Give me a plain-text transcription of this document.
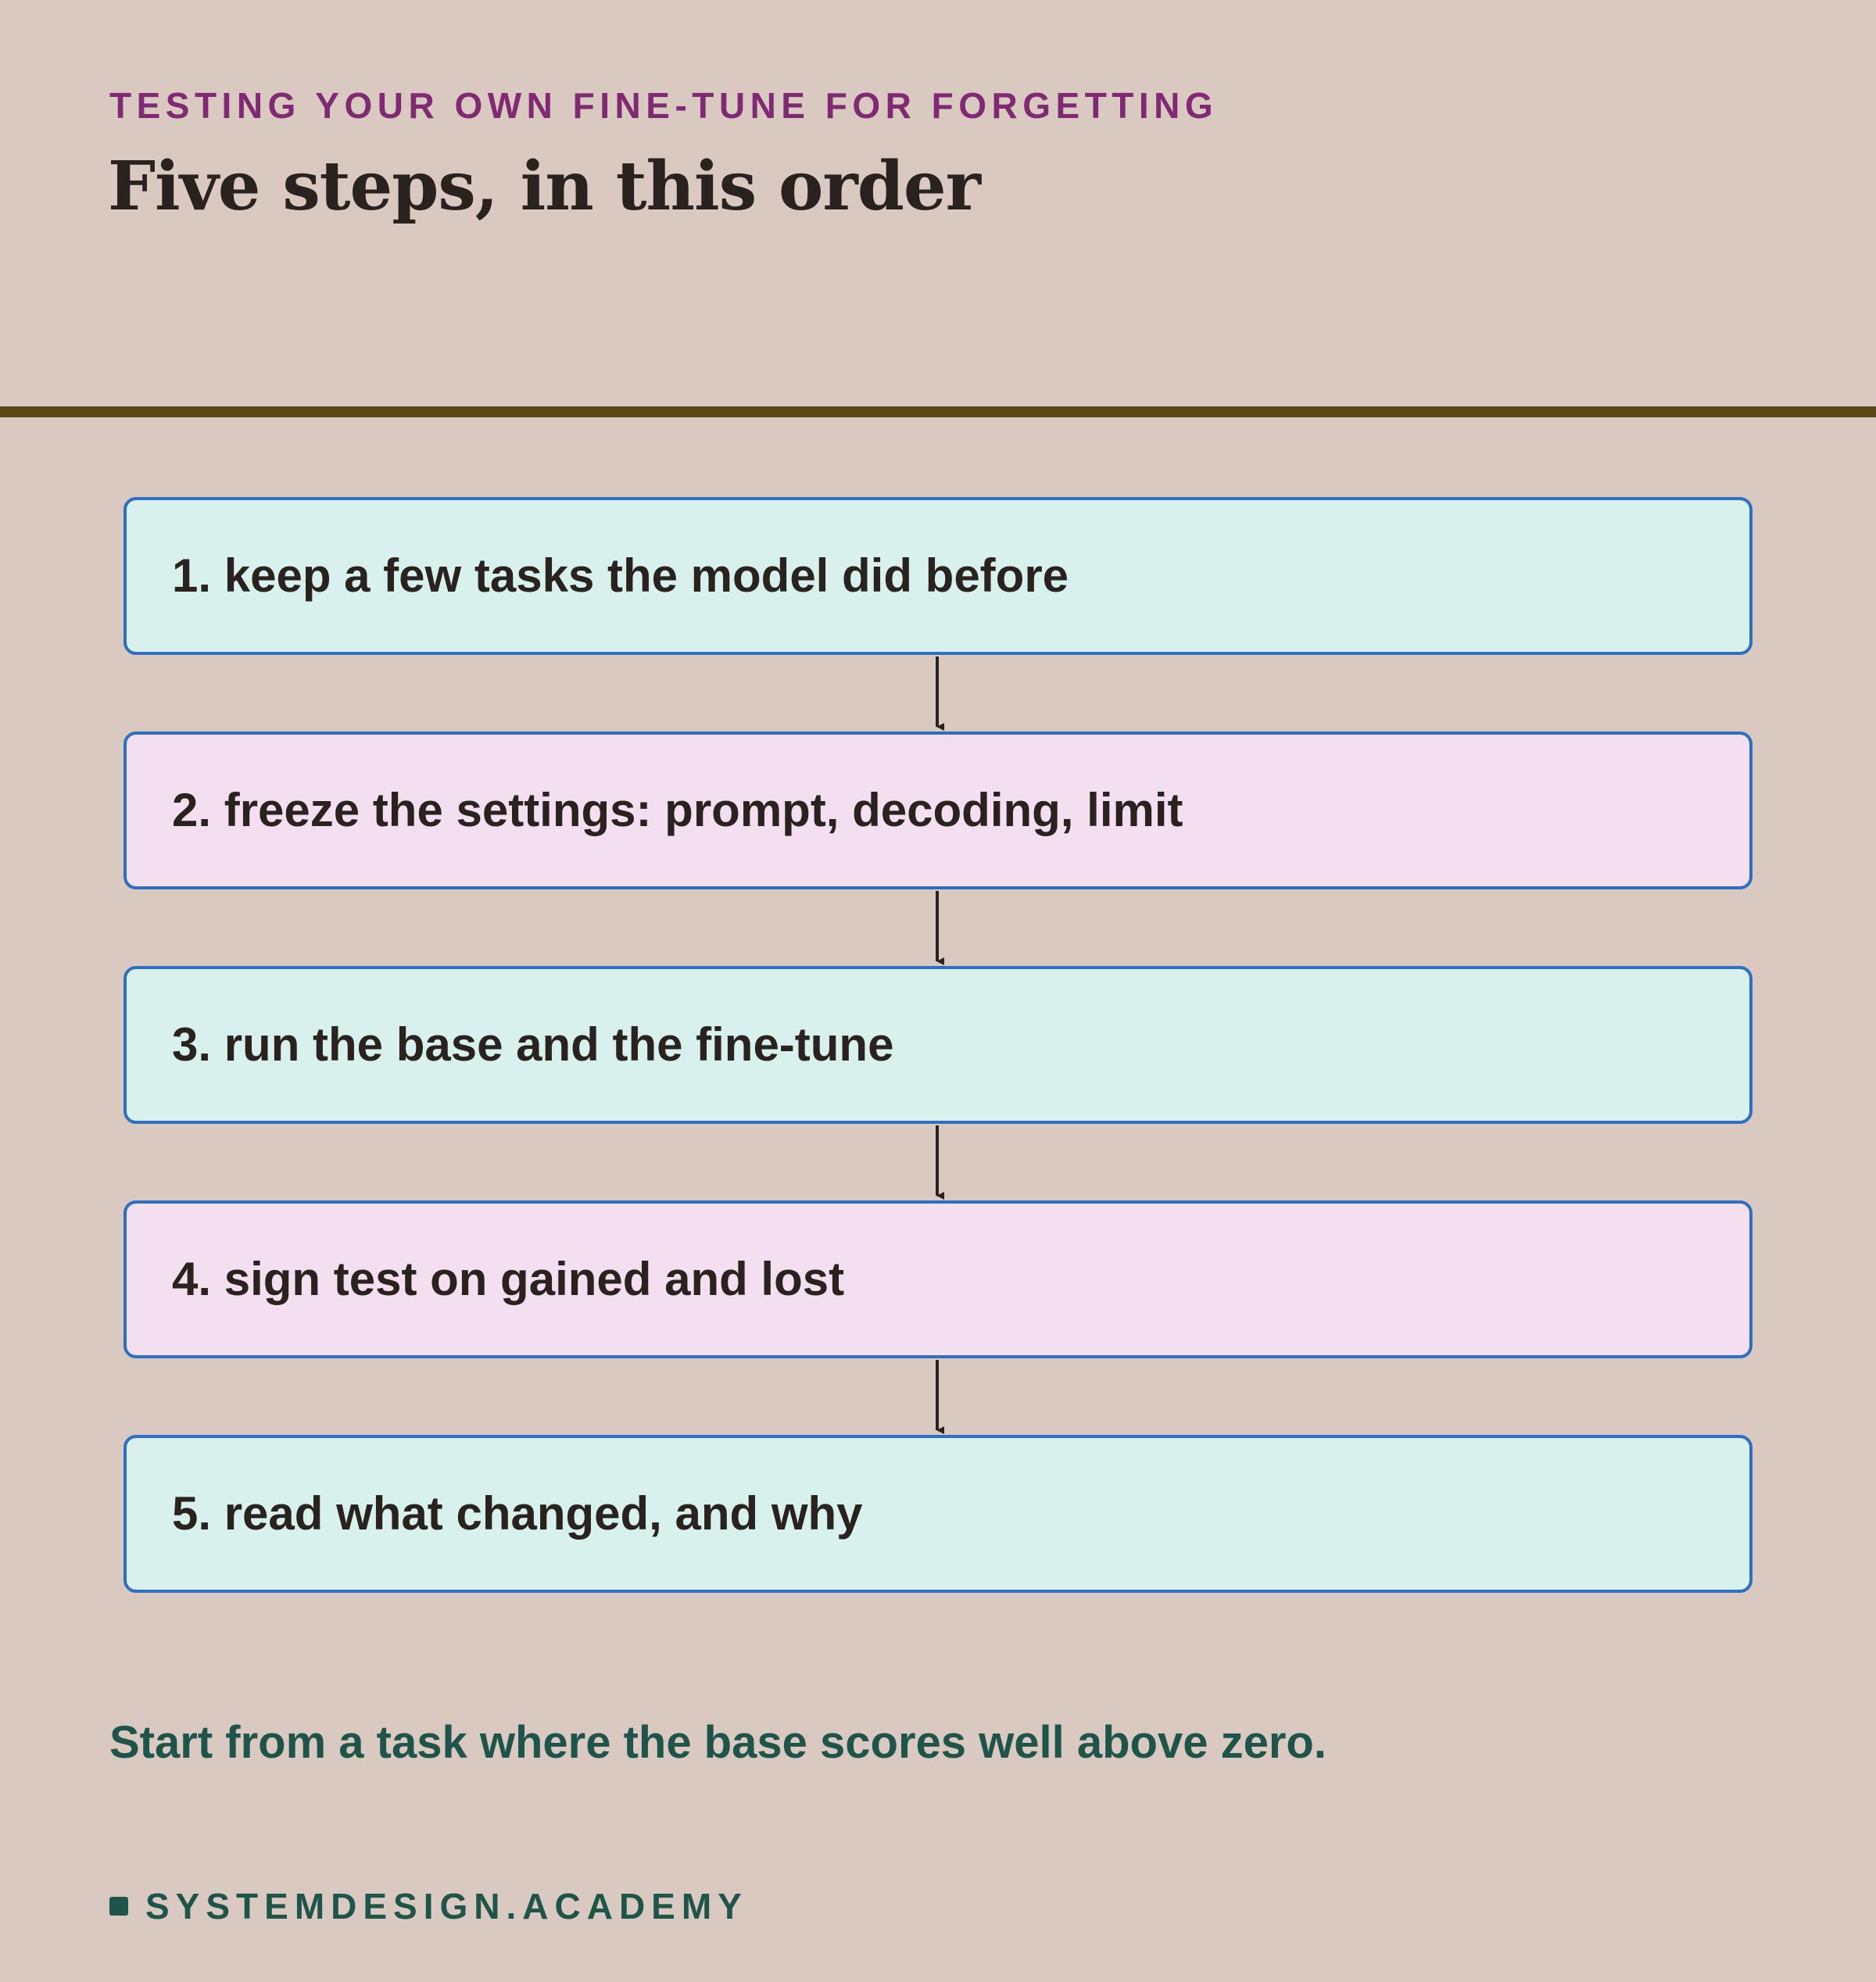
TESTING YOUR OWN FINE-TUNE FOR FORGETTING
Five steps, in this order
1. keep a few tasks the model did before
2. freeze the settings: prompt, decoding, limit
3. run the base and the fine-tune
4. sign test on gained and lost
5. read what changed, and why
Start from a task where the base scores well above zero.
SYSTEMDESIGN.ACADEMY
